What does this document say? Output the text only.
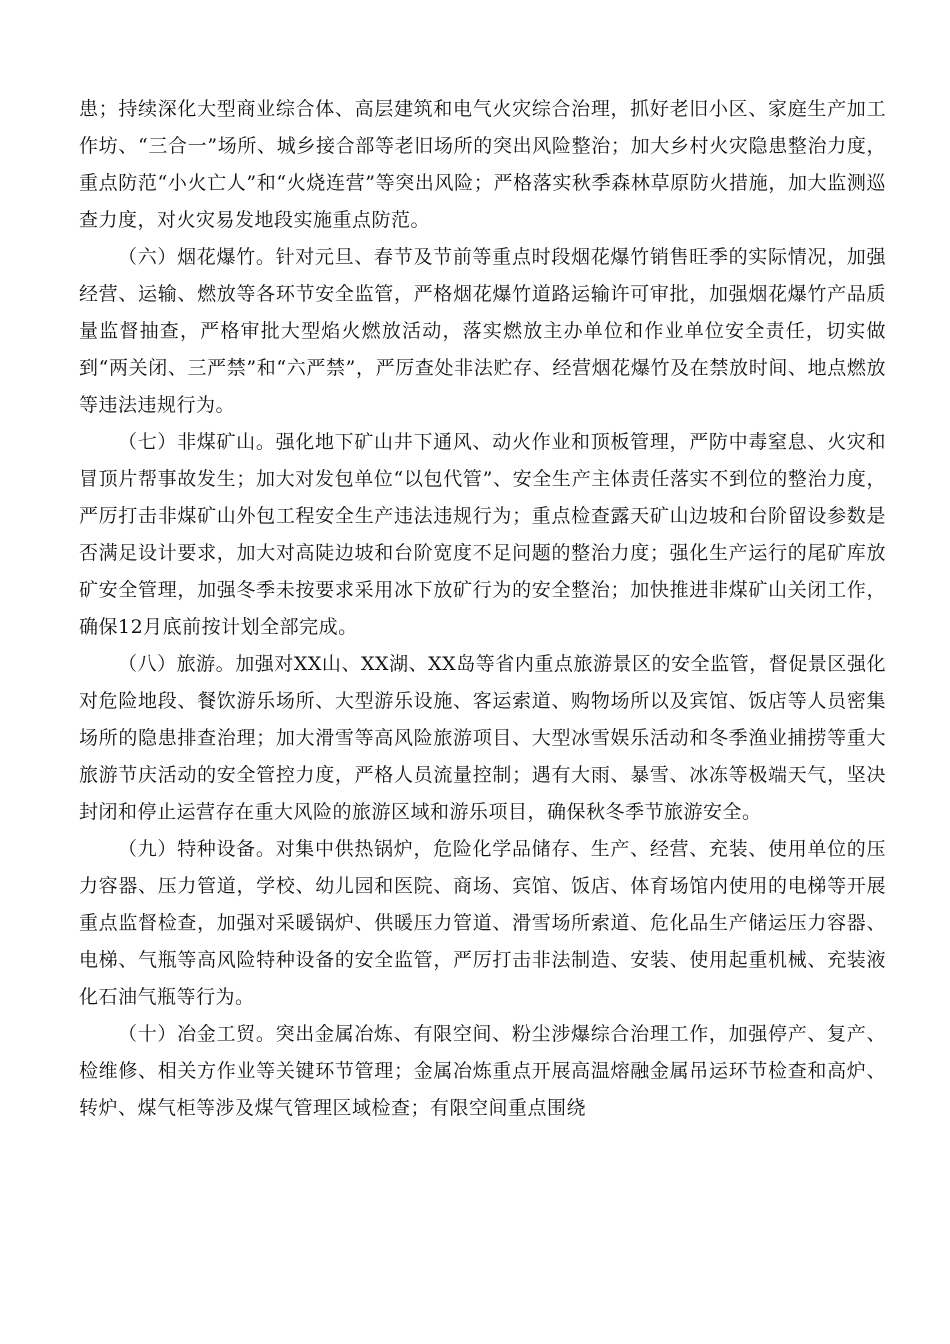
患；持续深化大型商业综合体、高层建筑和电气火灾综合治理，抓好老旧小区、家庭生产加工作坊、“三合一”场所、城乡接合部等老旧场所的突出风险整治；加大乡村火灾隐患整治力度，重点防范“小火亡人”和“火烧连营”等突出风险；严格落实秋季森林草原防火措施，加大监测巡查力度，对火灾易发地段实施重点防范。

（六）烟花爆竹。针对元旦、春节及节前等重点时段烟花爆竹销售旺季的实际情况，加强经营、运输、燃放等各环节安全监管，严格烟花爆竹道路运输许可审批，加强烟花爆竹产品质量监督抽查，严格审批大型焰火燃放活动，落实燃放主办单位和作业单位安全责任，切实做到“两关闭、三严禁”和“六严禁”，严厉查处非法贮存、经营烟花爆竹及在禁放时间、地点燃放等违法违规行为。

（七）非煤矿山。强化地下矿山井下通风、动火作业和顶板管理，严防中毒窒息、火灾和冒顶片帮事故发生；加大对发包单位“以包代管”、安全生产主体责任落实不到位的整治力度，严厉打击非煤矿山外包工程安全生产违法违规行为；重点检查露天矿山边坡和台阶留设参数是否满足设计要求，加大对高陡边坡和台阶宽度不足问题的整治力度；强化生产运行的尾矿库放矿安全管理，加强冬季未按要求采用冰下放矿行为的安全整治；加快推进非煤矿山关闭工作，确保12月底前按计划全部完成。

（八）旅游。加强对XX山、XX湖、XX岛等省内重点旅游景区的安全监管，督促景区强化对危险地段、餐饮游乐场所、大型游乐设施、客运索道、购物场所以及宾馆、饭店等人员密集场所的隐患排查治理；加大滑雪等高风险旅游项目、大型冰雪娱乐活动和冬季渔业捕捞等重大旅游节庆活动的安全管控力度，严格人员流量控制；遇有大雨、暴雪、冰冻等极端天气，坚决封闭和停止运营存在重大风险的旅游区域和游乐项目，确保秋冬季节旅游安全。

（九）特种设备。对集中供热锅炉，危险化学品储存、生产、经营、充装、使用单位的压力容器、压力管道，学校、幼儿园和医院、商场、宾馆、饭店、体育场馆内使用的电梯等开展重点监督检查，加强对采暖锅炉、供暖压力管道、滑雪场所索道、危化品生产储运压力容器、电梯、气瓶等高风险特种设备的安全监管，严厉打击非法制造、安装、使用起重机械、充装液化石油气瓶等行为。

（十）冶金工贸。突出金属冶炼、有限空间、粉尘涉爆综合治理工作，加强停产、复产、检维修、相关方作业等关键环节管理；金属冶炼重点开展高温熔融金属吊运环节检查和高炉、转炉、煤气柜等涉及煤气管理区域检查；有限空间重点围绕
